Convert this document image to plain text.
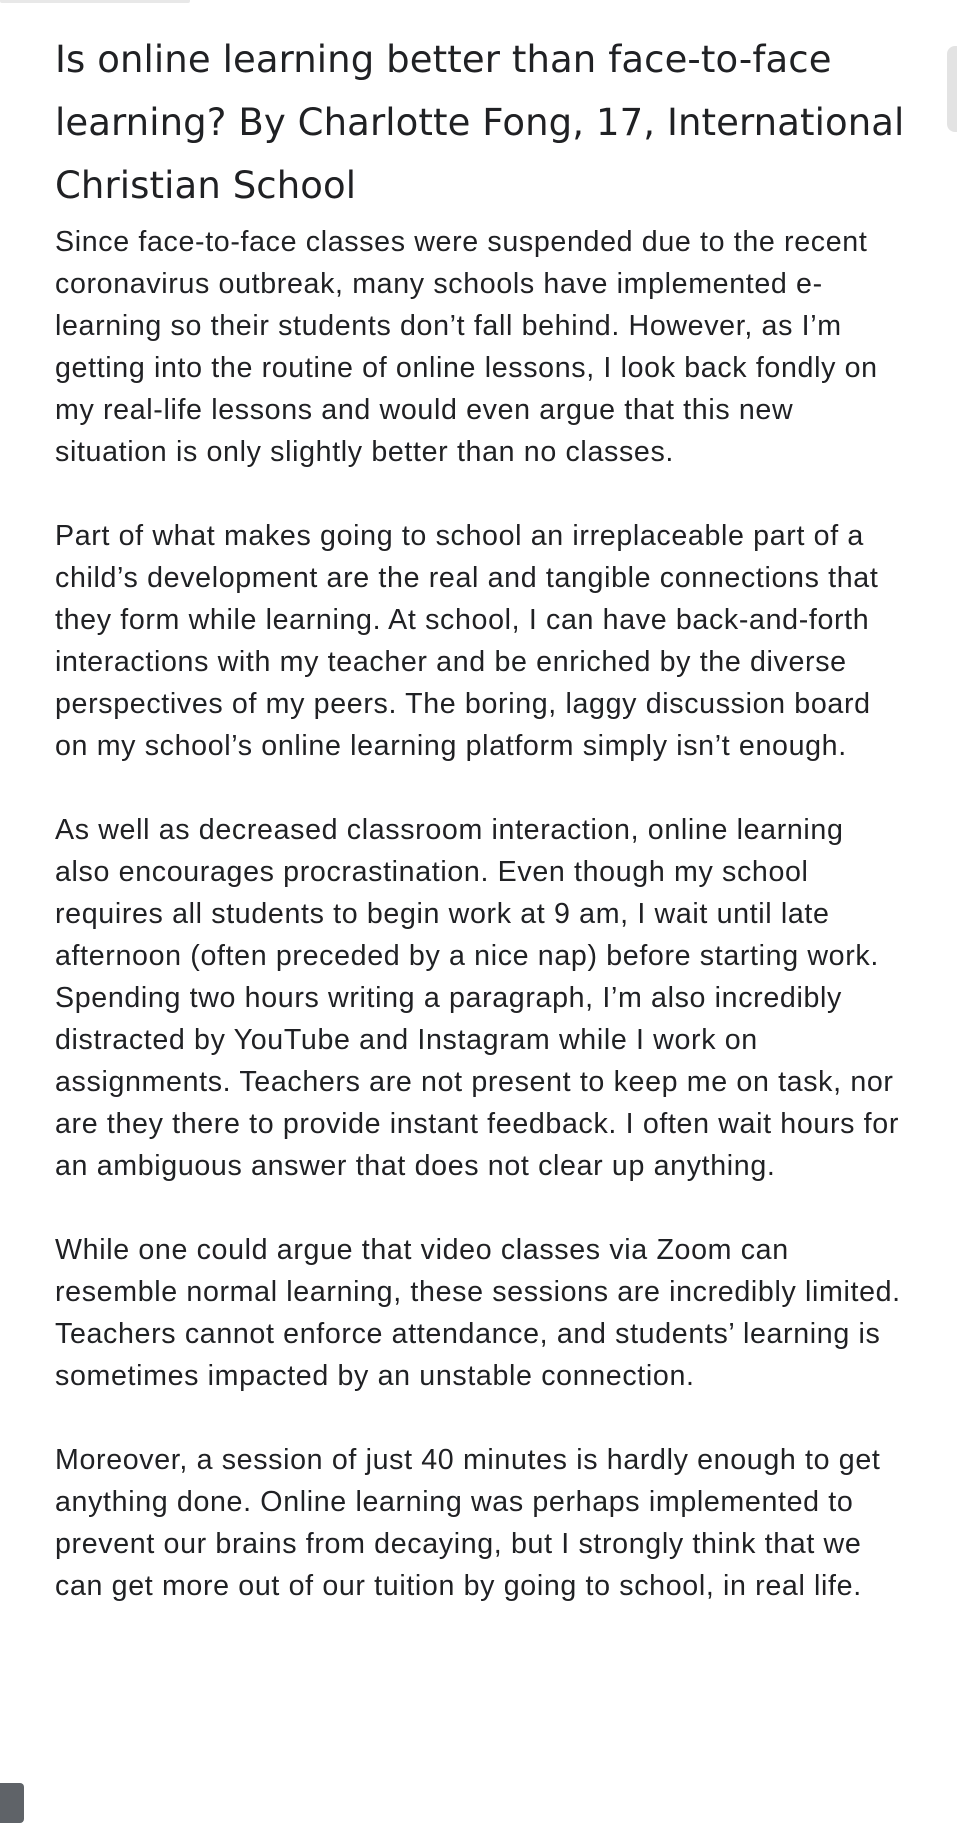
Is online learning better than face-to-face learning? By Charlotte Fong, 17, International Christian School

Since face-to-face classes were suspended due to the recent coronavirus outbreak, many schools have implemented e-learning so their students don’t fall behind. However, as I’m getting into the routine of online lessons, I look back fondly on my real-life lessons and would even argue that this new situation is only slightly better than no classes.

Part of what makes going to school an irreplaceable part of a child’s development are the real and tangible connections that they form while learning. At school, I can have back-and-forth interactions with my teacher and be enriched by the diverse perspectives of my peers. The boring, laggy discussion board on my school’s online learning platform simply isn’t enough.

As well as decreased classroom interaction, online learning also encourages procrastination. Even though my school requires all students to begin work at 9 am, I wait until late afternoon (often preceded by a nice nap) before starting work. Spending two hours writing a paragraph, I’m also incredibly distracted by YouTube and Instagram while I work on assignments. Teachers are not present to keep me on task, nor are they there to provide instant feedback. I often wait hours for an ambiguous answer that does not clear up anything.

While one could argue that video classes via Zoom can resemble normal learning, these sessions are incredibly limited. Teachers cannot enforce attendance, and students’ learning is sometimes impacted by an unstable connection.

Moreover, a session of just 40 minutes is hardly enough to get anything done. Online learning was perhaps implemented to prevent our brains from decaying, but I strongly think that we can get more out of our tuition by going to school, in real life.
